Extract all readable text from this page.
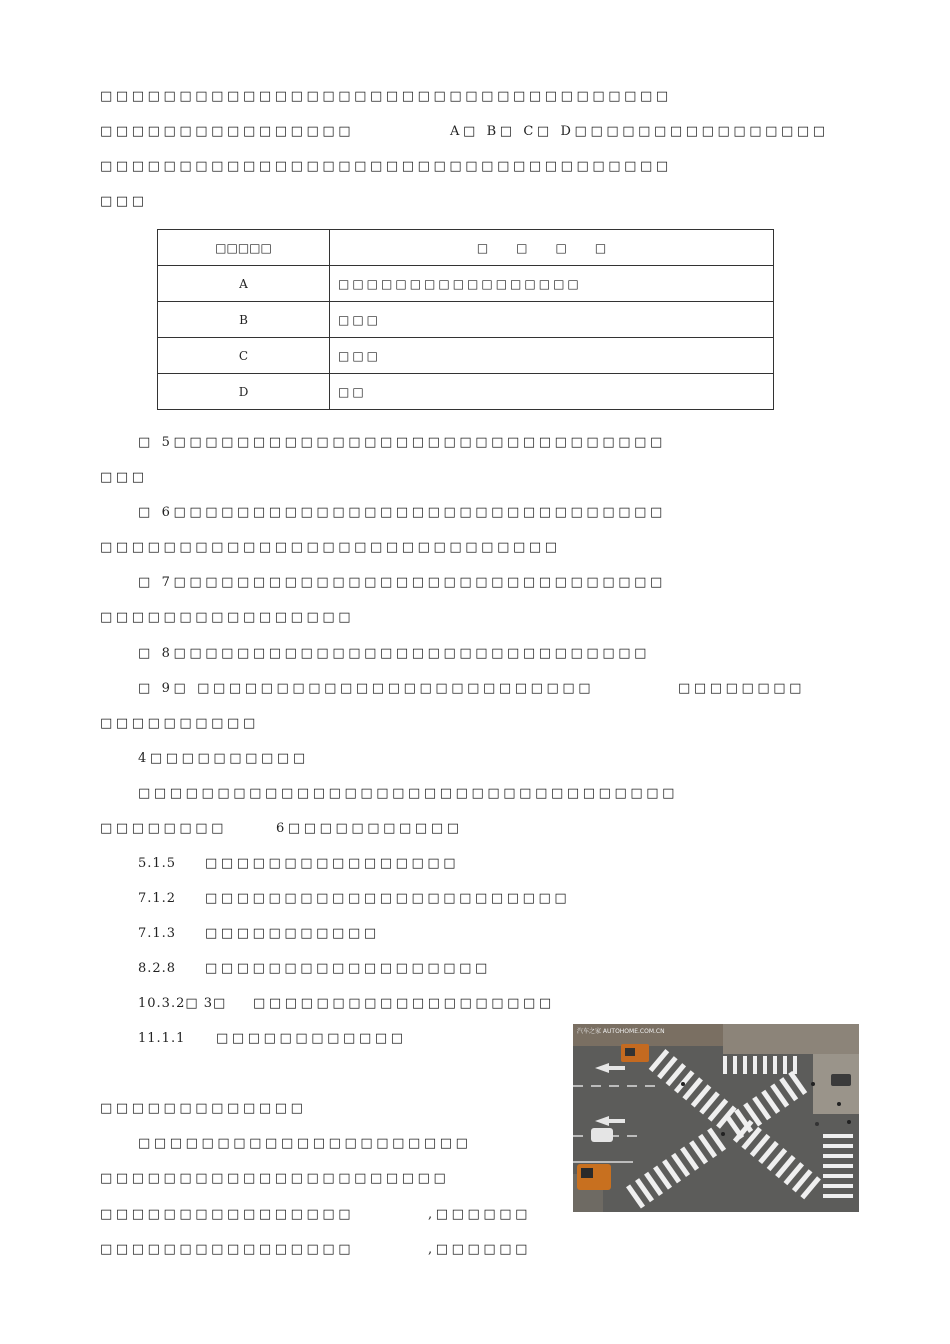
□□□□□□□□□□□□□□□□□□□□□□□□□□□□□□□□□□□□
□□□□□□□□□□□□□□□□	A□ B□ C□ D□□□□□□□□□□□□□□□□
□□□□□□□□□□□□□□□□□□□□□□□□□□□□□□□□□□□□
□□□
□□□□□	□□□□
A	□□□□□□□□□□□□□□□□□
B	□□□
C	□□□
D	□□
□ 5□□□□□□□□□□□□□□□□□□□□□□□□□□□□□□□
□□□
□ 6□□□□□□□□□□□□□□□□□□□□□□□□□□□□□□□
□□□□□□□□□□□□□□□□□□□□□□□□□□□□□
□ 7□□□□□□□□□□□□□□□□□□□□□□□□□□□□□□□
□□□□□□□□□□□□□□□□
□ 8□□□□□□□□□□□□□□□□□□□□□□□□□□□□□□
□ 9□ □□□□□□□□□□□□□□□□□□□□□□□□□	□□□□□□□□
□□□□□□□□□□
4□□□□□□□□□□
□□□□□□□□□□□□□□□□□□□□□□□□□□□□□□□□□□
□□□□□□□□	6□□□□□□□□□□□
5.1.5 □□□□□□□□□□□□□□□□
7.1.2 □□□□□□□□□□□□□□□□□□□□□□□
7.1.3 □□□□□□□□□□□
8.2.8 □□□□□□□□□□□□□□□□□□
10.3.2□ 3□ □□□□□□□□□□□□□□□□□□□
11.1.1 □□□□□□□□□□□□
□□□□□□□□□□□□□
□□□□□□□□□□□□□□□□□□□□□
□□□□□□□□□□□□□□□□□□□□□□
□□□□□□□□□□□□□□□□	,□□□□□□
□□□□□□□□□□□□□□□□	,□□□□□□
汽车之家 AUTOHOME.COM.CN
